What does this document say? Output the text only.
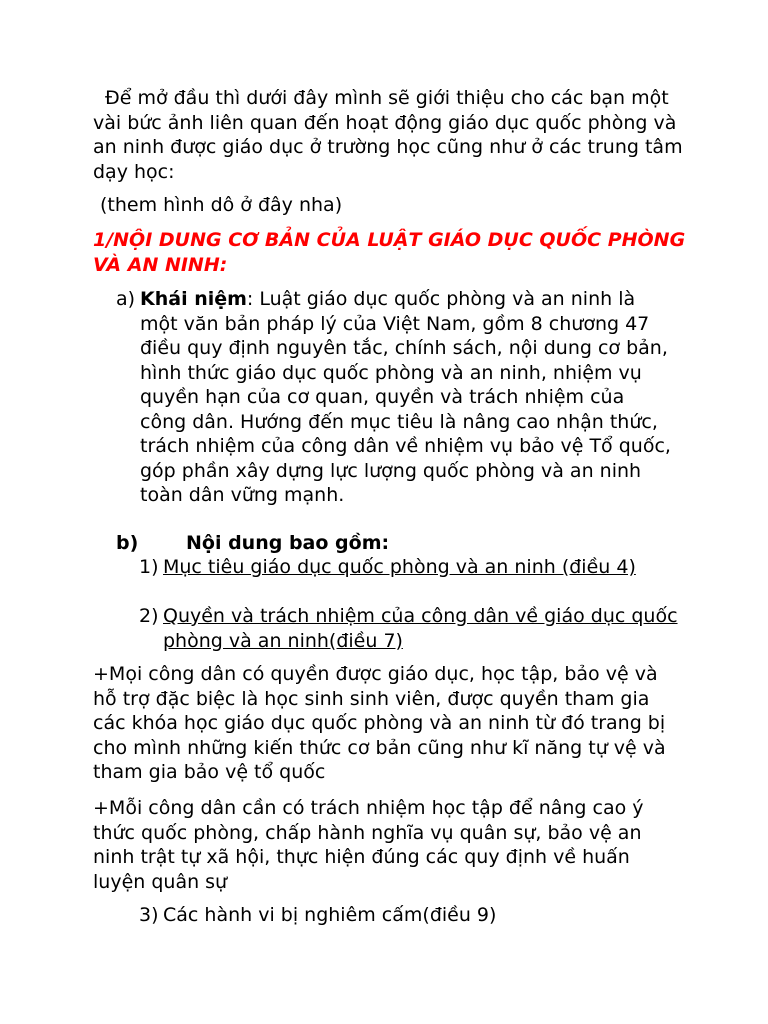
Để mở đầu thì dưới đây mình sẽ giới thiệu cho các bạn một vài bức ảnh liên quan đến hoạt động giáo dục quốc phòng và an ninh được giáo dục ở trường học cũng như ở các trung tâm dạy học:
(them hình dô ở đây nha)
1/NỘI DUNG CƠ BẢN CỦA LUẬT GIÁO DỤC QUỐC PHÒNG VÀ AN NINH:
a) Khái niệm: Luật giáo dục quốc phòng và an ninh là một văn bản pháp lý của Việt Nam, gồm 8 chương 47 điều quy định nguyên tắc, chính sách, nội dung cơ bản, hình thức giáo dục quốc phòng và an ninh, nhiệm vụ quyền hạn của cơ quan, quyền và trách nhiệm của công dân. Hướng đến mục tiêu là nâng cao nhận thức, trách nhiệm của công dân về nhiệm vụ bảo vệ Tổ quốc, góp phần xây dựng lực lượng quốc phòng và an ninh toàn dân vững mạnh.
b)	Nội dung bao gồm:
1) Mục tiêu giáo dục quốc phòng và an ninh (điều 4)
2) Quyền và trách nhiệm của công dân về giáo dục quốc phòng và an ninh(điều 7)
+Mọi công dân có quyền được giáo dục, học tập, bảo vệ và hỗ trợ đặc biệc là học sinh sinh viên, được quyền tham gia các khóa học giáo dục quốc phòng và an ninh từ đó trang bị cho mình những kiến thức cơ bản cũng như kĩ năng tự vệ và tham gia bảo vệ tổ quốc
+Mỗi công dân cần có trách nhiệm học tập để nâng cao ý thức quốc phòng, chấp hành nghĩa vụ quân sự, bảo vệ an ninh trật tự xã hội, thực hiện đúng các quy định về huấn luyện quân sự
3) Các hành vi bị nghiêm cấm(điều 9)
